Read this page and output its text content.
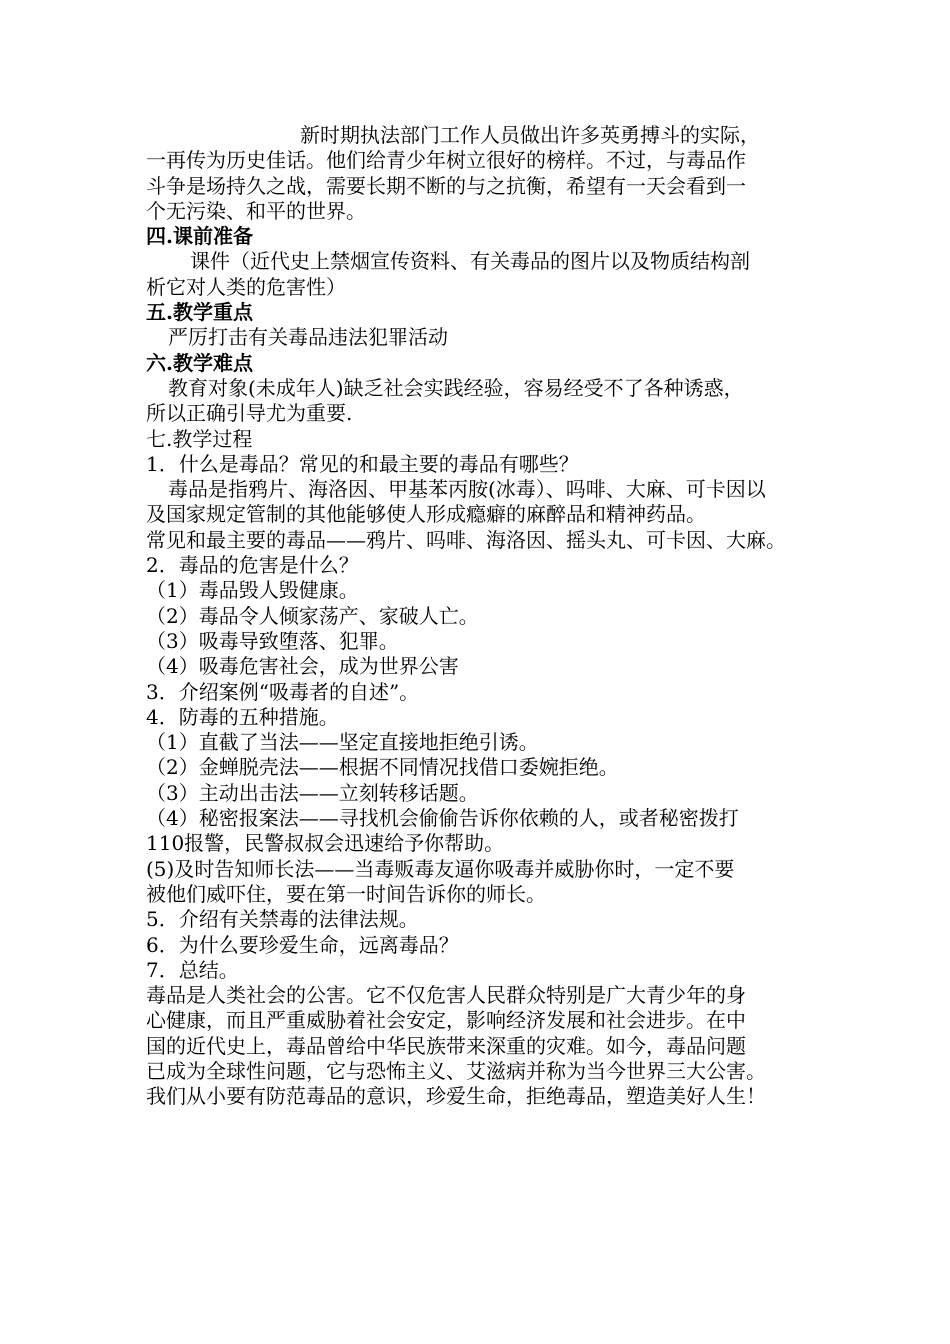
新时期执法部门工作人员做出许多英勇搏斗的实际，
一再传为历史佳话。他们给青少年树立很好的榜样。不过，与毒品作
斗争是场持久之战，需要长期不断的与之抗衡，希望有一天会看到一
个无污染、和平的世界。
四.课前准备
课件（近代史上禁烟宣传资料、有关毒品的图片以及物质结构剖
析它对人类的危害性）
五.教学重点
严厉打击有关毒品违法犯罪活动
六.教学难点
教育对象(未成年人)缺乏社会实践经验，容易经受不了各种诱惑，
所以正确引导尤为重要.
七.教学过程
1．什么是毒品？常见的和最主要的毒品有哪些？
毒品是指鸦片、海洛因、甲基苯丙胺(冰毒）、吗啡、大麻、可卡因以
及国家规定管制的其他能够使人形成瘾癖的麻醉品和精神药品。
常见和最主要的毒品——鸦片、吗啡、海洛因、摇头丸、可卡因、大麻。
2．毒品的危害是什么？
（1）毒品毁人毁健康。
（2）毒品令人倾家荡产、家破人亡。
（3）吸毒导致堕落、犯罪。
（4）吸毒危害社会，成为世界公害
3．介绍案例“吸毒者的自述”。
4．防毒的五种措施。
（1）直截了当法——坚定直接地拒绝引诱。
（2）金蝉脱壳法——根据不同情况找借口委婉拒绝。
（3）主动出击法——立刻转移话题。
（4）秘密报案法——寻找机会偷偷告诉你依赖的人，或者秘密拨打
110报警，民警叔叔会迅速给予你帮助。
(5)及时告知师长法——当毒贩毒友逼你吸毒并威胁你时，一定不要
被他们威吓住，要在第一时间告诉你的师长。
5．介绍有关禁毒的法律法规。
6．为什么要珍爱生命，远离毒品？
7．总结。
毒品是人类社会的公害。它不仅危害人民群众特别是广大青少年的身
心健康，而且严重威胁着社会安定，影响经济发展和社会进步。在中
国的近代史上，毒品曾给中华民族带来深重的灾难。如今，毒品问题
已成为全球性问题，它与恐怖主义、艾滋病并称为当今世界三大公害。
我们从小要有防范毒品的意识，珍爱生命，拒绝毒品，塑造美好人生！
